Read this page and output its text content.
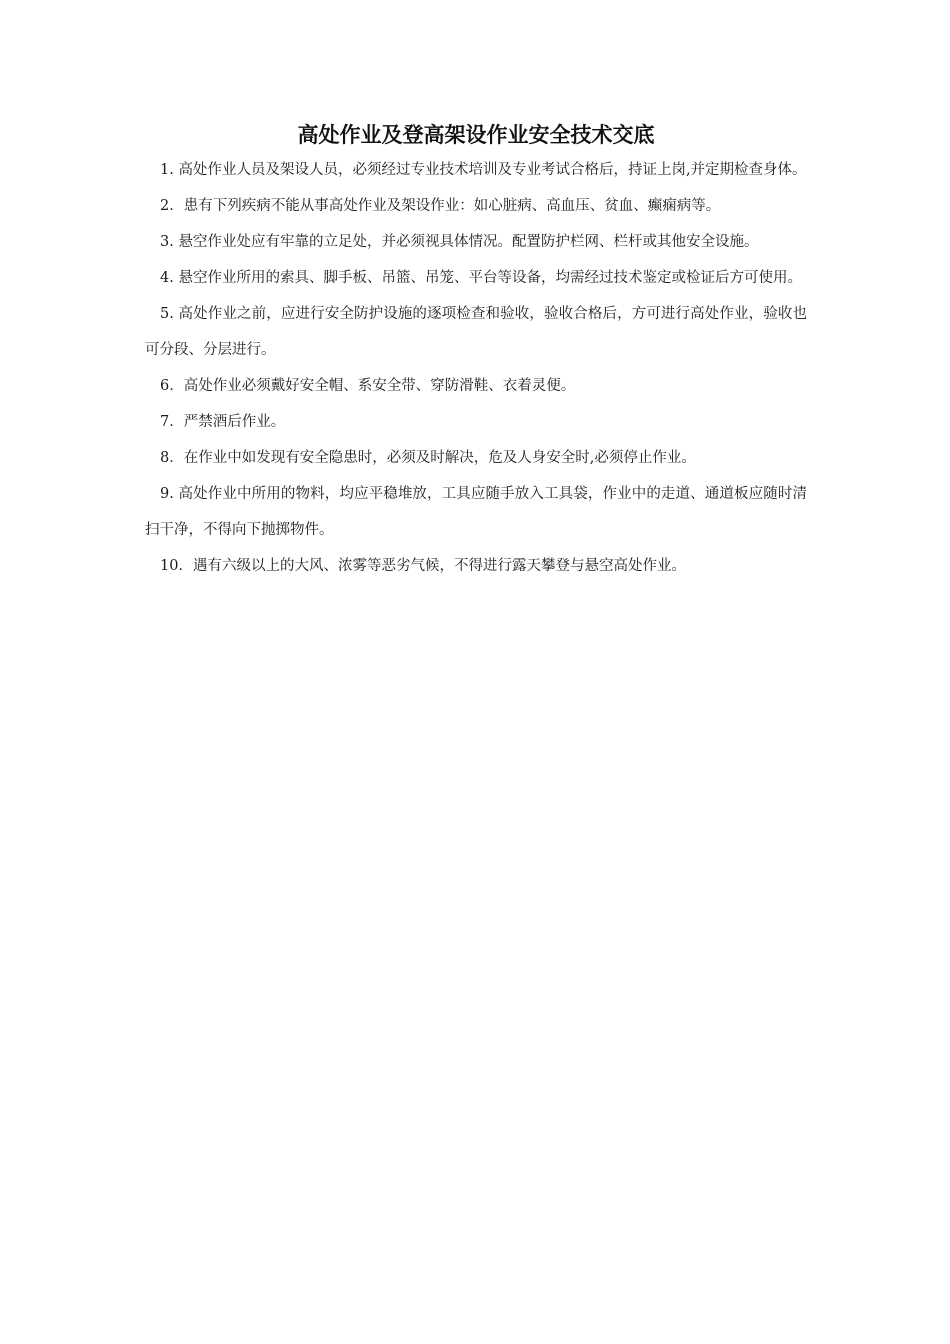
高处作业及登高架设作业安全技术交底

1. 高处作业人员及架设人员，必须经过专业技术培训及专业考试合格后，持证上岗,并定期检查身体。

2．患有下列疾病不能从事高处作业及架设作业：如心脏病、高血压、贫血、癫痫病等。

3. 悬空作业处应有牢靠的立足处，并必须视具体情况。配置防护栏网、栏杆或其他安全设施。

4. 悬空作业所用的索具、脚手板、吊篮、吊笼、平台等设备，均需经过技术鉴定或检证后方可使用。

5. 高处作业之前，应进行安全防护设施的逐项检查和验收，验收合格后，方可进行高处作业，验收也可分段、分层进行。

6．高处作业必须戴好安全帽、系安全带、穿防滑鞋、衣着灵便。

7．严禁酒后作业。

8．在作业中如发现有安全隐患时，必须及时解决，危及人身安全时,必须停止作业。

9. 高处作业中所用的物料，均应平稳堆放，工具应随手放入工具袋，作业中的走道、通道板应随时清扫干净，不得向下抛掷物件。

10．遇有六级以上的大风、浓雾等恶劣气候，不得进行露天攀登与悬空高处作业。
